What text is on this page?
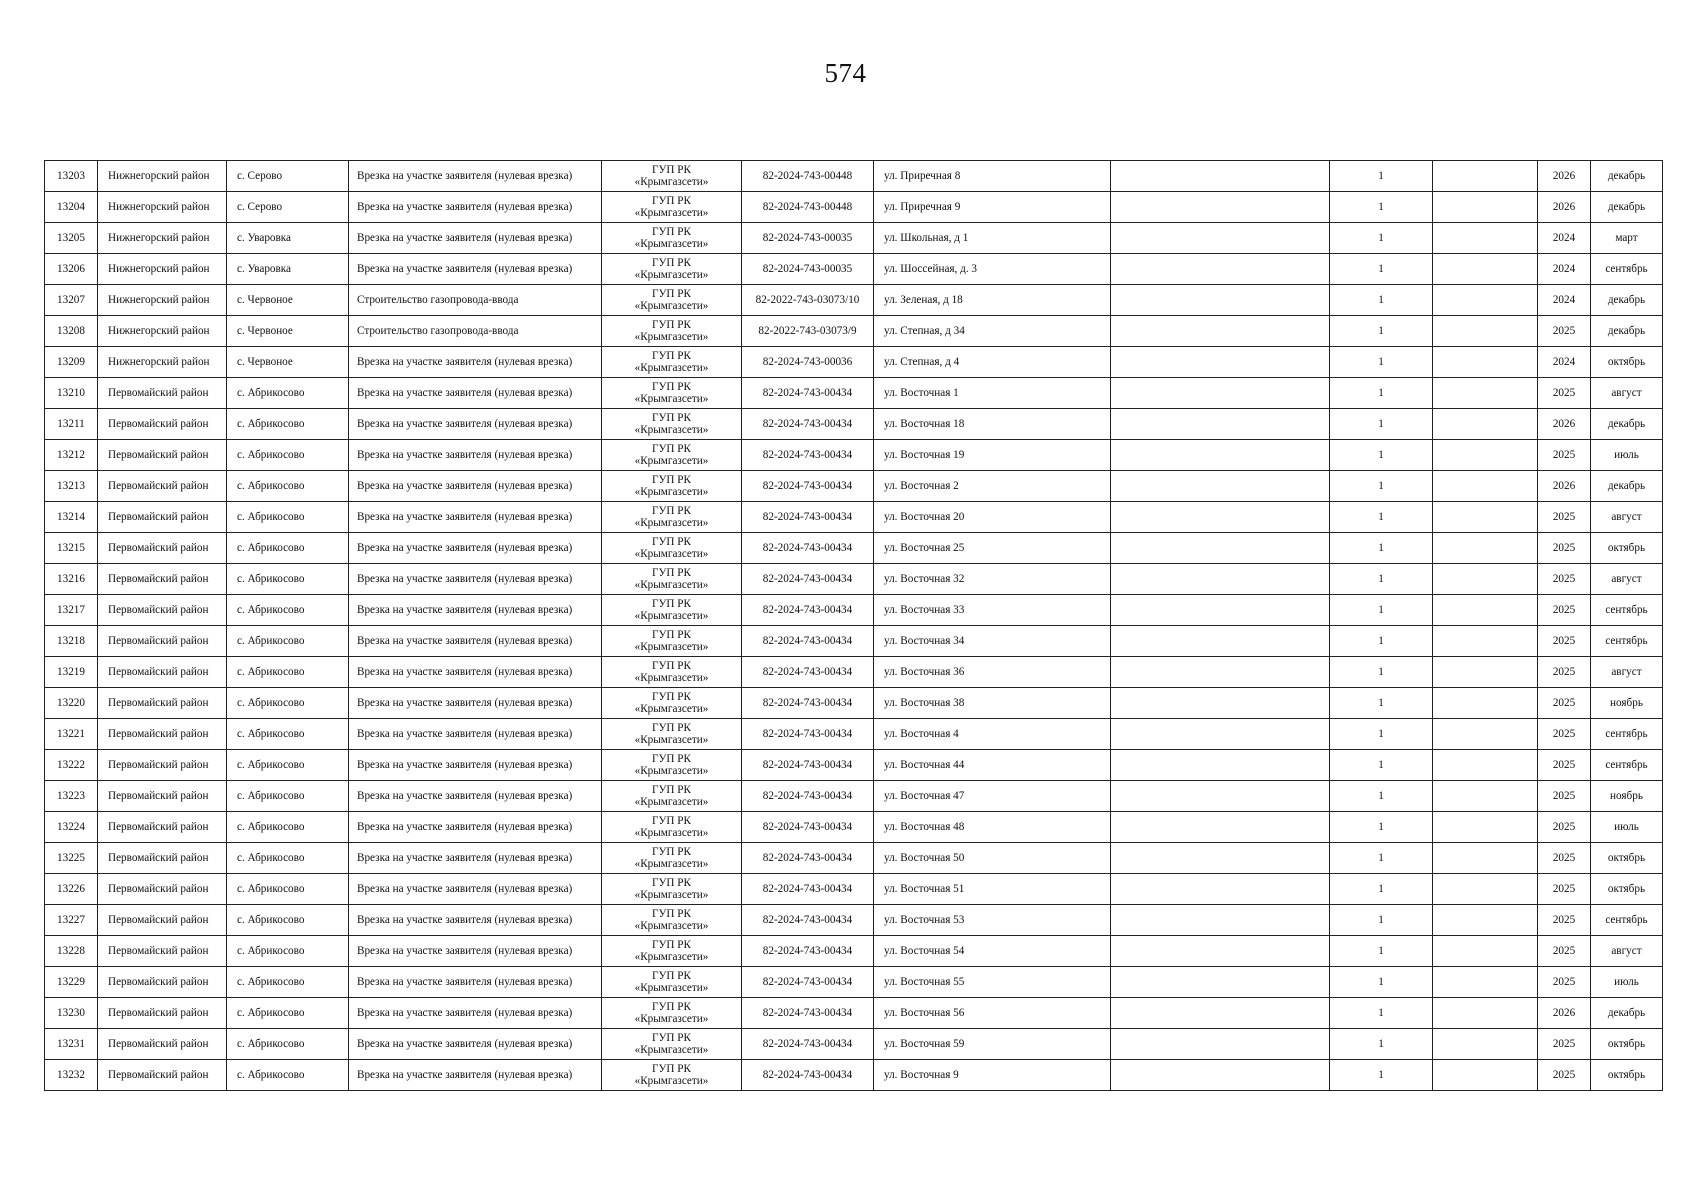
574
13203	Нижнегорский район	с. Серово	Врезка на участке заявителя (нулевая врезка)	ГУП РК
«Крымгазсети»	82-2024-743-00448	ул. Приречная 8		1		2026	декабрь
13204	Нижнегорский район	с. Серово	Врезка на участке заявителя (нулевая врезка)	ГУП РК
«Крымгазсети»	82-2024-743-00448	ул. Приречная 9		1		2026	декабрь
13205	Нижнегорский район	с. Уваровка	Врезка на участке заявителя (нулевая врезка)	ГУП РК
«Крымгазсети»	82-2024-743-00035	ул. Школьная, д 1		1		2024	март
13206	Нижнегорский район	с. Уваровка	Врезка на участке заявителя (нулевая врезка)	ГУП РК
«Крымгазсети»	82-2024-743-00035	ул. Шоссейная, д. 3		1		2024	сентябрь
13207	Нижнегорский район	с. Червоное	Строительство газопровода-ввода	ГУП РК
«Крымгазсети»	82-2022-743-03073/10	ул. Зеленая, д 18		1		2024	декабрь
13208	Нижнегорский район	с. Червоное	Строительство газопровода-ввода	ГУП РК
«Крымгазсети»	82-2022-743-03073/9	ул. Степная, д 34		1		2025	декабрь
13209	Нижнегорский район	с. Червоное	Врезка на участке заявителя (нулевая врезка)	ГУП РК
«Крымгазсети»	82-2024-743-00036	ул. Степная, д 4		1		2024	октябрь
13210	Первомайский район	с. Абрикосово	Врезка на участке заявителя (нулевая врезка)	ГУП РК
«Крымгазсети»	82-2024-743-00434	ул. Восточная 1		1		2025	август
13211	Первомайский район	с. Абрикосово	Врезка на участке заявителя (нулевая врезка)	ГУП РК
«Крымгазсети»	82-2024-743-00434	ул. Восточная 18		1		2026	декабрь
13212	Первомайский район	с. Абрикосово	Врезка на участке заявителя (нулевая врезка)	ГУП РК
«Крымгазсети»	82-2024-743-00434	ул. Восточная 19		1		2025	июль
13213	Первомайский район	с. Абрикосово	Врезка на участке заявителя (нулевая врезка)	ГУП РК
«Крымгазсети»	82-2024-743-00434	ул. Восточная 2		1		2026	декабрь
13214	Первомайский район	с. Абрикосово	Врезка на участке заявителя (нулевая врезка)	ГУП РК
«Крымгазсети»	82-2024-743-00434	ул. Восточная 20		1		2025	август
13215	Первомайский район	с. Абрикосово	Врезка на участке заявителя (нулевая врезка)	ГУП РК
«Крымгазсети»	82-2024-743-00434	ул. Восточная 25		1		2025	октябрь
13216	Первомайский район	с. Абрикосово	Врезка на участке заявителя (нулевая врезка)	ГУП РК
«Крымгазсети»	82-2024-743-00434	ул. Восточная 32		1		2025	август
13217	Первомайский район	с. Абрикосово	Врезка на участке заявителя (нулевая врезка)	ГУП РК
«Крымгазсети»	82-2024-743-00434	ул. Восточная 33		1		2025	сентябрь
13218	Первомайский район	с. Абрикосово	Врезка на участке заявителя (нулевая врезка)	ГУП РК
«Крымгазсети»	82-2024-743-00434	ул. Восточная 34		1		2025	сентябрь
13219	Первомайский район	с. Абрикосово	Врезка на участке заявителя (нулевая врезка)	ГУП РК
«Крымгазсети»	82-2024-743-00434	ул. Восточная 36		1		2025	август
13220	Первомайский район	с. Абрикосово	Врезка на участке заявителя (нулевая врезка)	ГУП РК
«Крымгазсети»	82-2024-743-00434	ул. Восточная 38		1		2025	ноябрь
13221	Первомайский район	с. Абрикосово	Врезка на участке заявителя (нулевая врезка)	ГУП РК
«Крымгазсети»	82-2024-743-00434	ул. Восточная 4		1		2025	сентябрь
13222	Первомайский район	с. Абрикосово	Врезка на участке заявителя (нулевая врезка)	ГУП РК
«Крымгазсети»	82-2024-743-00434	ул. Восточная 44		1		2025	сентябрь
13223	Первомайский район	с. Абрикосово	Врезка на участке заявителя (нулевая врезка)	ГУП РК
«Крымгазсети»	82-2024-743-00434	ул. Восточная 47		1		2025	ноябрь
13224	Первомайский район	с. Абрикосово	Врезка на участке заявителя (нулевая врезка)	ГУП РК
«Крымгазсети»	82-2024-743-00434	ул. Восточная 48		1		2025	июль
13225	Первомайский район	с. Абрикосово	Врезка на участке заявителя (нулевая врезка)	ГУП РК
«Крымгазсети»	82-2024-743-00434	ул. Восточная 50		1		2025	октябрь
13226	Первомайский район	с. Абрикосово	Врезка на участке заявителя (нулевая врезка)	ГУП РК
«Крымгазсети»	82-2024-743-00434	ул. Восточная 51		1		2025	октябрь
13227	Первомайский район	с. Абрикосово	Врезка на участке заявителя (нулевая врезка)	ГУП РК
«Крымгазсети»	82-2024-743-00434	ул. Восточная 53		1		2025	сентябрь
13228	Первомайский район	с. Абрикосово	Врезка на участке заявителя (нулевая врезка)	ГУП РК
«Крымгазсети»	82-2024-743-00434	ул. Восточная 54		1		2025	август
13229	Первомайский район	с. Абрикосово	Врезка на участке заявителя (нулевая врезка)	ГУП РК
«Крымгазсети»	82-2024-743-00434	ул. Восточная 55		1		2025	июль
13230	Первомайский район	с. Абрикосово	Врезка на участке заявителя (нулевая врезка)	ГУП РК
«Крымгазсети»	82-2024-743-00434	ул. Восточная 56		1		2026	декабрь
13231	Первомайский район	с. Абрикосово	Врезка на участке заявителя (нулевая врезка)	ГУП РК
«Крымгазсети»	82-2024-743-00434	ул. Восточная 59		1		2025	октябрь
13232	Первомайский район	с. Абрикосово	Врезка на участке заявителя (нулевая врезка)	ГУП РК
«Крымгазсети»	82-2024-743-00434	ул. Восточная 9		1		2025	октябрь
